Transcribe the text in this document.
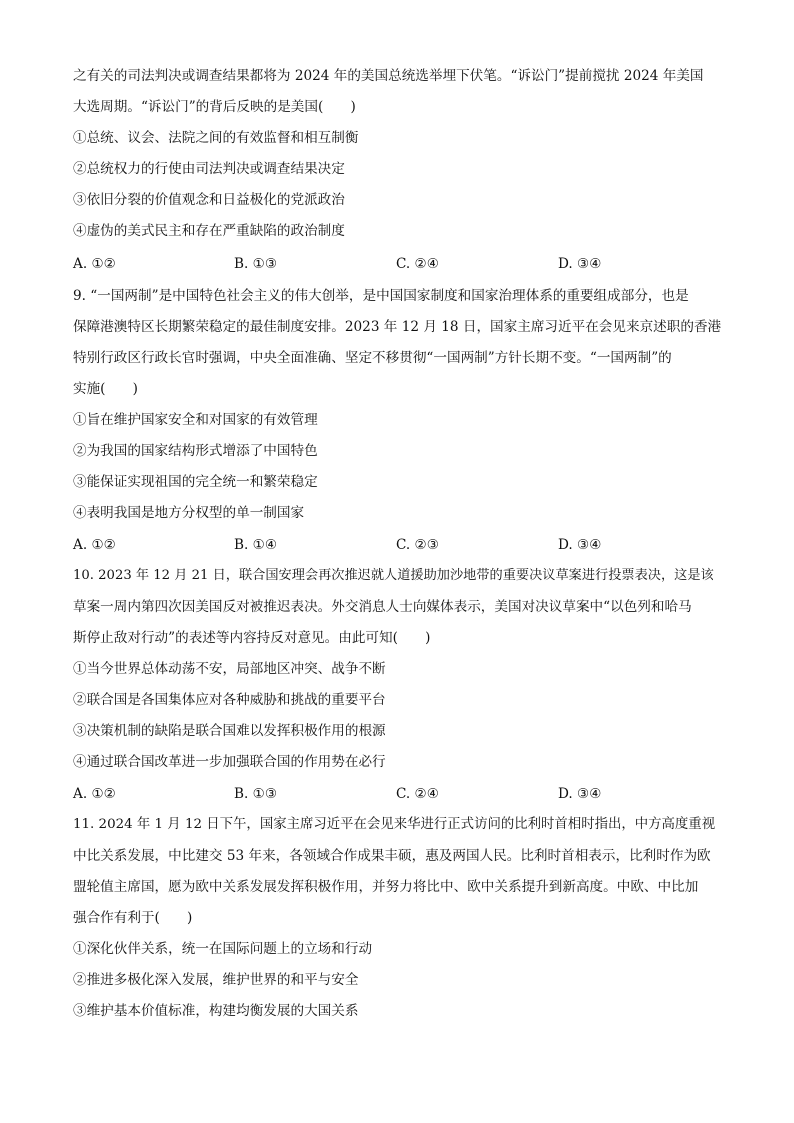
之有关的司法判决或调查结果都将为 2024 年的美国总统选举埋下伏笔。“诉讼门”提前搅扰 2024 年美国
大选周期。“诉讼门”的背后反映的是美国(　　)
①总统、议会、法院之间的有效监督和相互制衡
②总统权力的行使由司法判决或调查结果决定
③依旧分裂的价值观念和日益极化的党派政治
④虚伪的美式民主和存在严重缺陷的政治制度
A. ①②	B. ①③	C. ②④	D. ③④
9. “一国两制”是中国特色社会主义的伟大创举，是中国国家制度和国家治理体系的重要组成部分，也是
保障港澳特区长期繁荣稳定的最佳制度安排。2023 年 12 月 18 日，国家主席习近平在会见来京述职的香港
特别行政区行政长官时强调，中央全面准确、坚定不移贯彻“一国两制”方针长期不变。“一国两制”的
实施(　　)
①旨在维护国家安全和对国家的有效管理
②为我国的国家结构形式增添了中国特色
③能保证实现祖国的完全统一和繁荣稳定
④表明我国是地方分权型的单一制国家
A. ①②	B. ①④	C. ②③	D. ③④
10. 2023 年 12 月 21 日，联合国安理会再次推迟就人道援助加沙地带的重要决议草案进行投票表决，这是该
草案一周内第四次因美国反对被推迟表决。外交消息人士向媒体表示，美国对决议草案中“以色列和哈马
斯停止敌对行动”的表述等内容持反对意见。由此可知(　　)
①当今世界总体动荡不安，局部地区冲突、战争不断
②联合国是各国集体应对各种威胁和挑战的重要平台
③决策机制的缺陷是联合国难以发挥积极作用的根源
④通过联合国改革进一步加强联合国的作用势在必行
A. ①②	B. ①③	C. ②④	D. ③④
11. 2024 年 1 月 12 日下午，国家主席习近平在会见来华进行正式访问的比利时首相时指出，中方高度重视
中比关系发展，中比建交 53 年来，各领域合作成果丰硕，惠及两国人民。比利时首相表示，比利时作为欧
盟轮值主席国，愿为欧中关系发展发挥积极作用，并努力将比中、欧中关系提升到新高度。中欧、中比加
强合作有利于(　　)
①深化伙伴关系，统一在国际问题上的立场和行动
②推进多极化深入发展，维护世界的和平与安全
③维护基本价值标准，构建均衡发展的大国关系
